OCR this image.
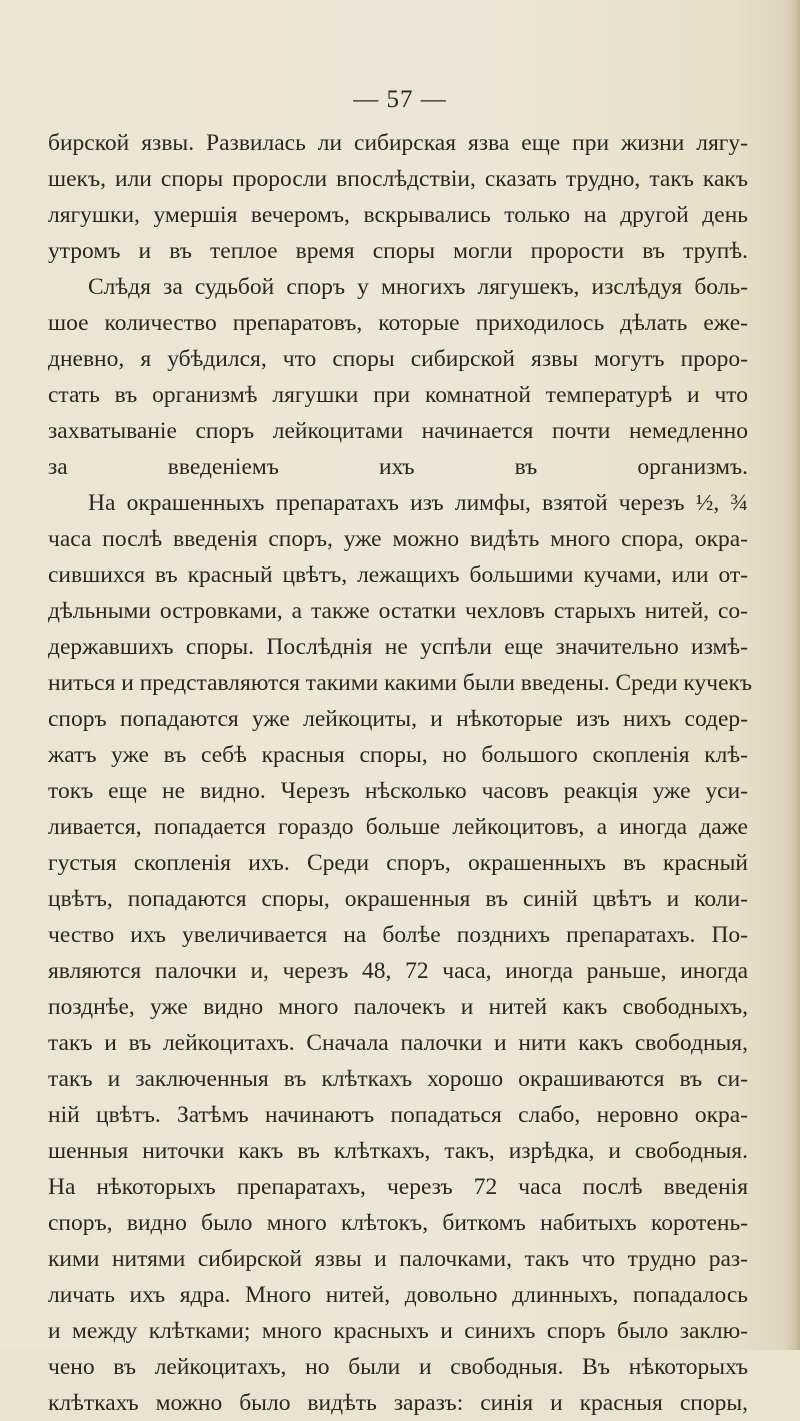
— 57 —
бирской язвы. Развилась ли сибирская язва еще при жизни лягу-
шекъ, или споры проросли впослѣдствіи, сказать трудно, такъ какъ
лягушки, умершія вечеромъ, вскрывались только на другой день
утромъ и въ теплое время споры могли прорости въ трупѣ.
Слѣдя за судьбой споръ у многихъ лягушекъ, изслѣдуя боль-
шое количество препаратовъ, которые приходилось дѣлать еже-
дневно, я убѣдился, что споры сибирской язвы могутъ проро-
стать въ организмѣ лягушки при комнатной температурѣ и что
захватываніе споръ лейкоцитами начинается почти немедленно
за введеніемъ ихъ въ организмъ.
На окрашенныхъ препаратахъ изъ лимфы, взятой черезъ ½, ¾
часа послѣ введенія споръ, уже можно видѣть много спора, окра-
сившихся въ красный цвѣтъ, лежащихъ большими кучами, или от-
дѣльными островками, а также остатки чехловъ старыхъ нитей, со-
державшихъ споры. Послѣднія не успѣли еще значительно измѣ-
ниться и представляются такими какими были введены. Среди кучекъ
споръ попадаются уже лейкоциты, и нѣкоторые изъ нихъ содер-
жатъ уже въ себѣ красныя споры, но большого скопленія клѣ-
токъ еще не видно. Черезъ нѣсколько часовъ реакція уже уси-
ливается, попадается гораздо больше лейкоцитовъ, а иногда даже
густыя скопленія ихъ. Среди споръ, окрашенныхъ въ красный
цвѣтъ, попадаются споры, окрашенныя въ синій цвѣтъ и коли-
чество ихъ увеличивается на болѣе позднихъ препаратахъ. По-
являются палочки и, черезъ 48, 72 часа, иногда раньше, иногда
позднѣе, уже видно много палочекъ и нитей какъ свободныхъ,
такъ и въ лейкоцитахъ. Сначала палочки и нити какъ свободныя,
такъ и заключенныя въ клѣткахъ хорошо окрашиваются въ си-
ній цвѣтъ. Затѣмъ начинаютъ попадаться слабо, неровно окра-
шенныя ниточки какъ въ клѣткахъ, такъ, изрѣдка, и свободныя.
На нѣкоторыхъ препаратахъ, черезъ 72 часа послѣ введенія
споръ, видно было много клѣтокъ, биткомъ набитыхъ коротень-
кими нитями сибирской язвы и палочками, такъ что трудно раз-
личать ихъ ядра. Много нитей, довольно длинныхъ, попадалось
и между клѣтками; много красныхъ и синихъ споръ было заклю-
чено въ лейкоцитахъ, но были и свободныя. Въ нѣкоторыхъ
клѣткахъ можно было видѣть заразъ: синія и красныя споры,
